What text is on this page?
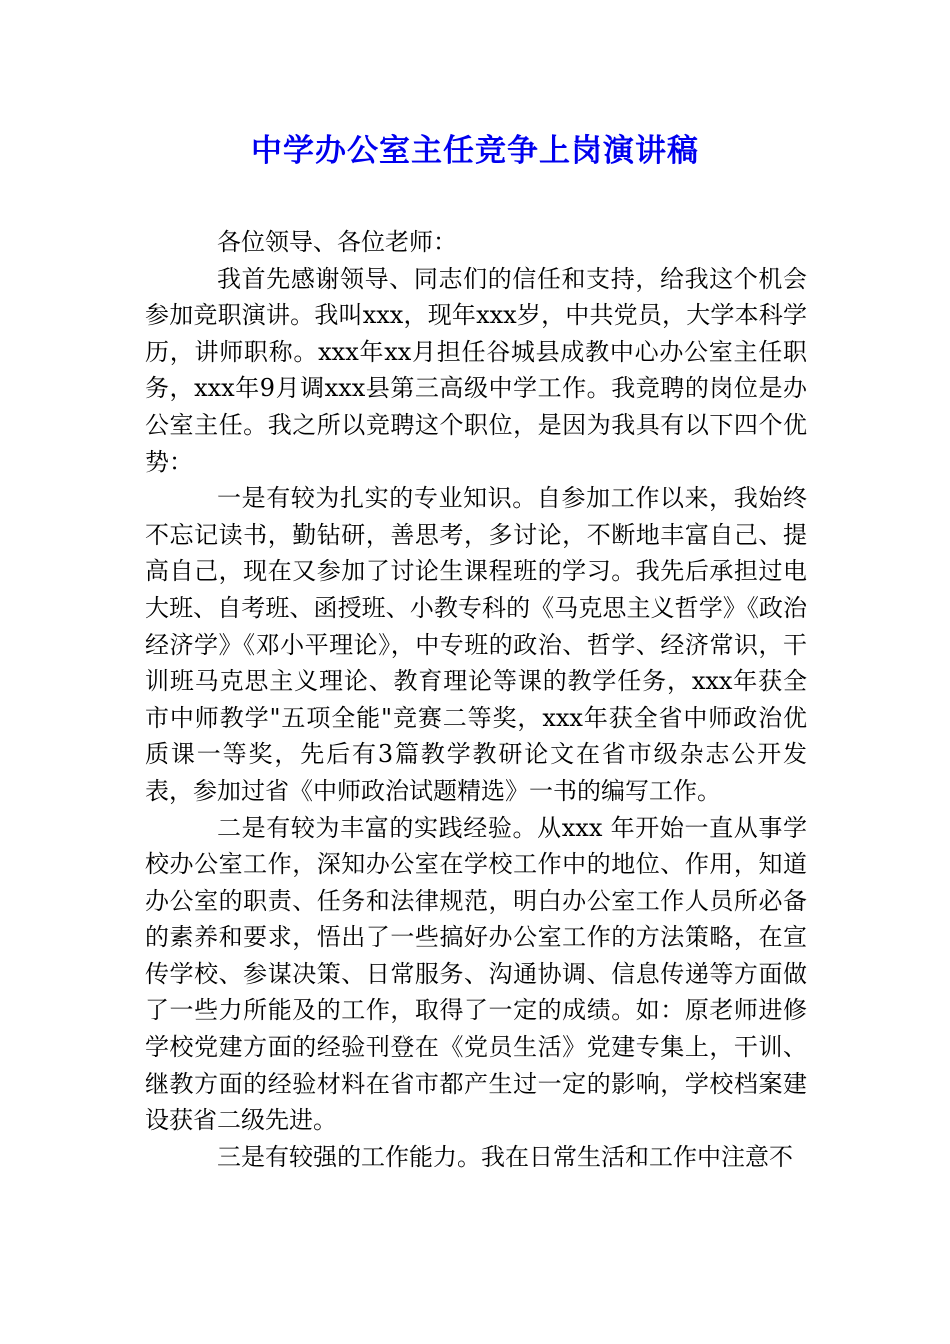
中学办公室主任竞争上岗演讲稿

各位领导、各位老师：

我首先感谢领导、同志们的信任和支持，给我这个机会参加竞职演讲。我叫xxx，现年xxx岁，中共党员，大学本科学历，讲师职称。xxx年xx月担任谷城县成教中心办公室主任职务，xxx年9月调xxx县第三高级中学工作。我竞聘的岗位是办公室主任。我之所以竞聘这个职位，是因为我具有以下四个优势：

一是有较为扎实的专业知识。自参加工作以来，我始终不忘记读书，勤钻研，善思考，多讨论，不断地丰富自己、提高自己，现在又参加了讨论生课程班的学习。我先后承担过电大班、自考班、函授班、小教专科的《马克思主义哲学》《政治经济学》《邓小平理论》，中专班的政治、哲学、经济常识，干训班马克思主义理论、教育理论等课的教学任务，xxx年获全市中师教学"五项全能"竞赛二等奖，xxx年获全省中师政治优质课一等奖，先后有3篇教学教研论文在省市级杂志公开发表，参加过省《中师政治试题精选》一书的编写工作。

二是有较为丰富的实践经验。从xxx 年开始一直从事学校办公室工作，深知办公室在学校工作中的地位、作用，知道办公室的职责、任务和法律规范，明白办公室工作人员所必备的素养和要求，悟出了一些搞好办公室工作的方法策略，在宣传学校、参谋决策、日常服务、沟通协调、信息传递等方面做了一些力所能及的工作，取得了一定的成绩。如：原老师进修学校党建方面的经验刊登在《党员生活》党建专集上，干训、继教方面的经验材料在省市都产生过一定的影响，学校档案建设获省二级先进。

三是有较强的工作能力。我在日常生活和工作中注意不
